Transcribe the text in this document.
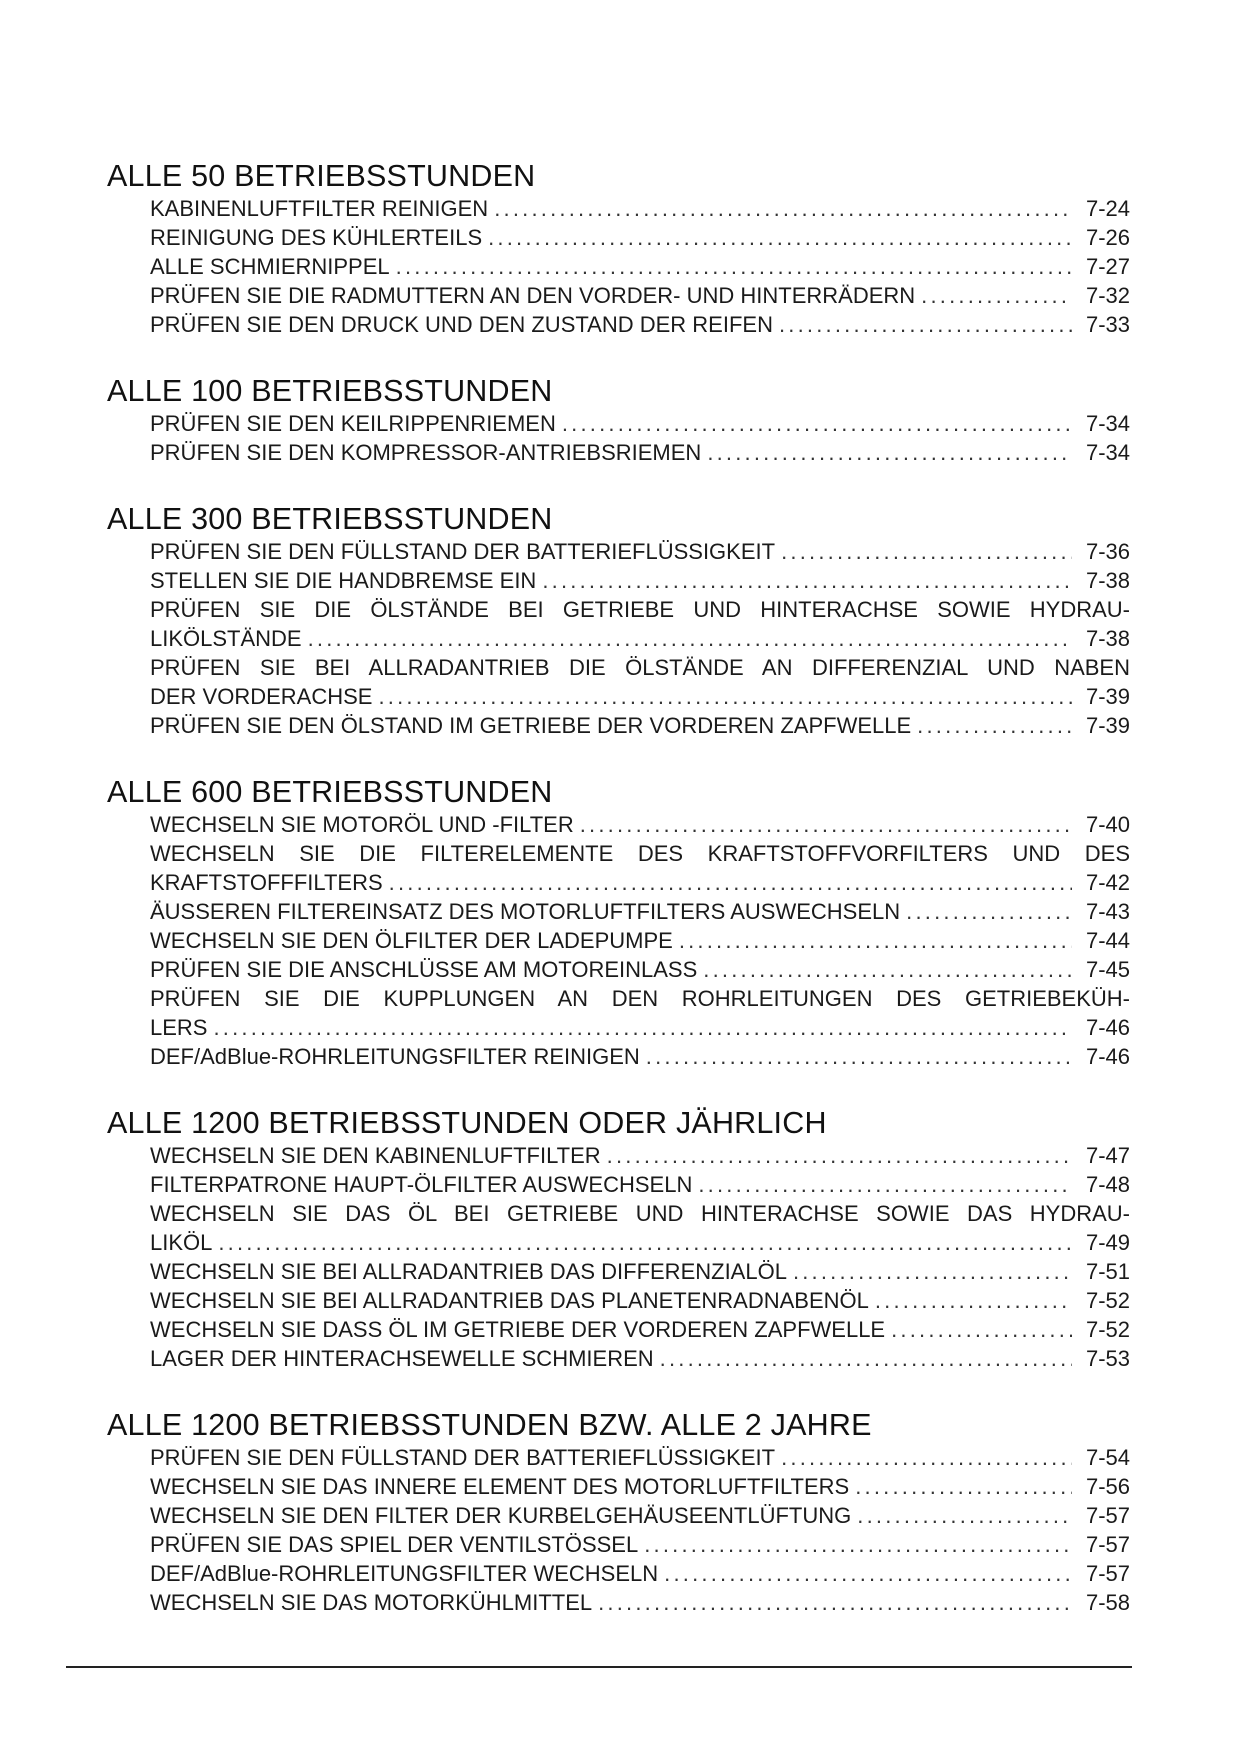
ALLE 50 BETRIEBSSTUNDEN
KABINENLUFTFILTER REINIGEN .....	7-24
REINIGUNG DES KÜHLERTEILS .....	7-26
ALLE SCHMIERNIPPEL .....	7-27
PRÜFEN SIE DIE RADMUTTERN AN DEN VORDER- UND HINTERRÄDERN .....	7-32
PRÜFEN SIE DEN DRUCK UND DEN ZUSTAND DER REIFEN .....	7-33
ALLE 100 BETRIEBSSTUNDEN
PRÜFEN SIE DEN KEILRIPPENRIEMEN .....	7-34
PRÜFEN SIE DEN KOMPRESSOR-ANTRIEBSRIEMEN .....	7-34
ALLE 300 BETRIEBSSTUNDEN
PRÜFEN SIE DEN FÜLLSTAND DER BATTERIEFLÜSSIGKEIT .....	7-36
STELLEN SIE DIE HANDBREMSE EIN .....	7-38
PRÜFEN SIE DIE ÖLSTÄNDE BEI GETRIEBE UND HINTERACHSE SOWIE HYDRAU-
LIKÖLSTÄNDE .....	7-38
PRÜFEN SIE BEI ALLRADANTRIEB DIE ÖLSTÄNDE AN DIFFERENZIAL UND NABEN
DER VORDERACHSE .....	7-39
PRÜFEN SIE DEN ÖLSTAND IM GETRIEBE DER VORDEREN ZAPFWELLE .....	7-39
ALLE 600 BETRIEBSSTUNDEN
WECHSELN SIE MOTORÖL UND -FILTER .....	7-40
WECHSELN SIE DIE FILTERELEMENTE DES KRAFTSTOFFVORFILTERS UND DES
KRAFTSTOFFFILTERS .....	7-42
ÄUSSEREN FILTEREINSATZ DES MOTORLUFTFILTERS AUSWECHSELN .....	7-43
WECHSELN SIE DEN ÖLFILTER DER LADEPUMPE .....	7-44
PRÜFEN SIE DIE ANSCHLÜSSE AM MOTOREINLASS .....	7-45
PRÜFEN SIE DIE KUPPLUNGEN AN DEN ROHRLEITUNGEN DES GETRIEBEKÜH-
LERS .....	7-46
DEF/AdBlue-ROHRLEITUNGSFILTER REINIGEN .....	7-46
ALLE 1200 BETRIEBSSTUNDEN ODER JÄHRLICH
WECHSELN SIE DEN KABINENLUFTFILTER .....	7-47
FILTERPATRONE HAUPT-ÖLFILTER AUSWECHSELN .....	7-48
WECHSELN SIE DAS ÖL BEI GETRIEBE UND HINTERACHSE SOWIE DAS HYDRAU-
LIKÖL .....	7-49
WECHSELN SIE BEI ALLRADANTRIEB DAS DIFFERENZIALÖL .....	7-51
WECHSELN SIE BEI ALLRADANTRIEB DAS PLANETENRADNABENÖL .....	7-52
WECHSELN SIE DASS ÖL IM GETRIEBE DER VORDEREN ZAPFWELLE .....	7-52
LAGER DER HINTERACHSEWELLE SCHMIEREN .....	7-53
ALLE 1200 BETRIEBSSTUNDEN BZW. ALLE 2 JAHRE
PRÜFEN SIE DEN FÜLLSTAND DER BATTERIEFLÜSSIGKEIT .....	7-54
WECHSELN SIE DAS INNERE ELEMENT DES MOTORLUFTFILTERS .....	7-56
WECHSELN SIE DEN FILTER DER KURBELGEHÄUSEENTLÜFTUNG .....	7-57
PRÜFEN SIE DAS SPIEL DER VENTILSTÖSSEL .....	7-57
DEF/AdBlue-ROHRLEITUNGSFILTER WECHSELN .....	7-57
WECHSELN SIE DAS MOTORKÜHLMITTEL .....	7-58
